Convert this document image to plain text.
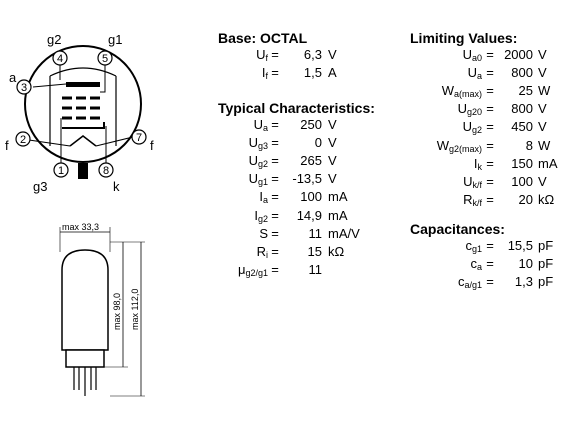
4	5
3
2	7
1	8
g2	g1
a
f	f
g3	k
max 33,3
max 98,0 max 112,0
Base: OCTAL
$U_f = 6,3$ V
$I_f = 1,5$ A
Typical Characteristics:
$U_a = 250$ V
$U_{g3}$ =	0 V
$U_{g2} = 265$ V
$U_{g1} = -13,5$ V
$I_a = 100$ mA
$I_{g2} = 14,9$ mA
S = 11 mA/V
$R_i = 15$ kΩ
$\mu_{g2/g1} = 11$
Limiting Values:
$U_{a0} = 2000$ V
$U_a = 800$ V
$W_{a(max)} = 25$ W
$U_{g20} = 800$ V
$U_{g2} = 450$ V
$W_{g2(max)} = 8$ W
$I_k = 150$ mA
$U_{k/f} = 100$ V
$R_{k/f} = 20$ kΩ
Capacitances:
$c_{g1} = 15,5$ pF
$c_a = 10$ pF
$c_{a/g1} = 1,3$ pF
